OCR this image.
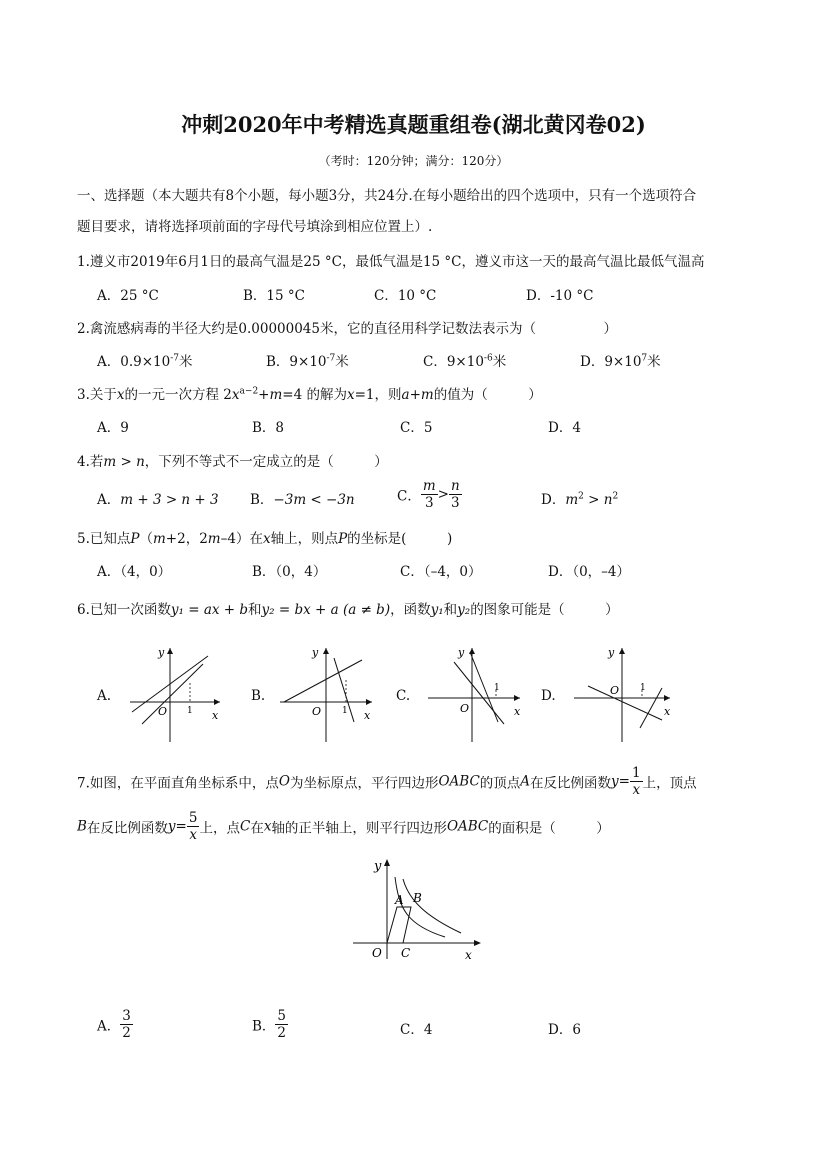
冲刺2020年中考精选真题重组卷(湖北黄冈卷02)
（考时：120分钟；满分：120分）
一、选择题（本大题共有8个小题，每小题3分，共24分.在每小题给出的四个选项中，只有一个选项符合
题目要求，请将选择项前面的字母代号填涂到相应位置上）.
1.遵义市2019年6月1日的最高气温是25 °C，最低气温是15 °C，遵义市这一天的最高气温比最低气温高
A．25 °C	B．15 °C	C．10 °C	D．-10 °C
2.禽流感病毒的半径大约是0.00000045米，它的直径用科学记数法表示为（　　　　　）
A．$0.9\times 10^{-7}$米	B．$9\times 10^{-7}$米	C．$9\times 10^{-6}$米	D．$9\times 10^7$米
3.关于x的一元一次方程 $2x^{a-2}+m=4$ 的解为x=1，则a+m的值为（　　　）
A．9	B．8	C．5	D．4
4.若m > n，下列不等式不一定成立的是（　　　）
A．m + 3 > n + 3 B．−3m < −3n	C． $\frac{m}{3} > \frac{n}{3}$	D．$m^2 > n^2$
5.已知点P（m+2，2m–4）在x轴上，则点P的坐标是(　　　)
A．（4，0）	B．（0，4）	C．（–4，0）	D．（0，–4）
6.已知一次函数y₁ = ax + b和y₂ = bx + a (a ≠ b)，函数y₁和y₂的图象可能是（　　　）
A.	B.	C.	D.
y
O 1 x
y
O 1 x
y
O
1
x
y
O 1
x
7.如图，在平面直角坐标系中，点O为坐标原点，平行四边形OABC的顶点A在反比例函数$y= \frac{1}{x}$ 上，顶点
B在反比例函数$y= \frac{5}{x}$ 上，点C在x轴的正半轴上，则平行四边形OABC的面积是（　　　）
y
A B
O C	x
A． $\frac{3}{2}$	B． $\frac{5}{2}$	C．4	D．6
